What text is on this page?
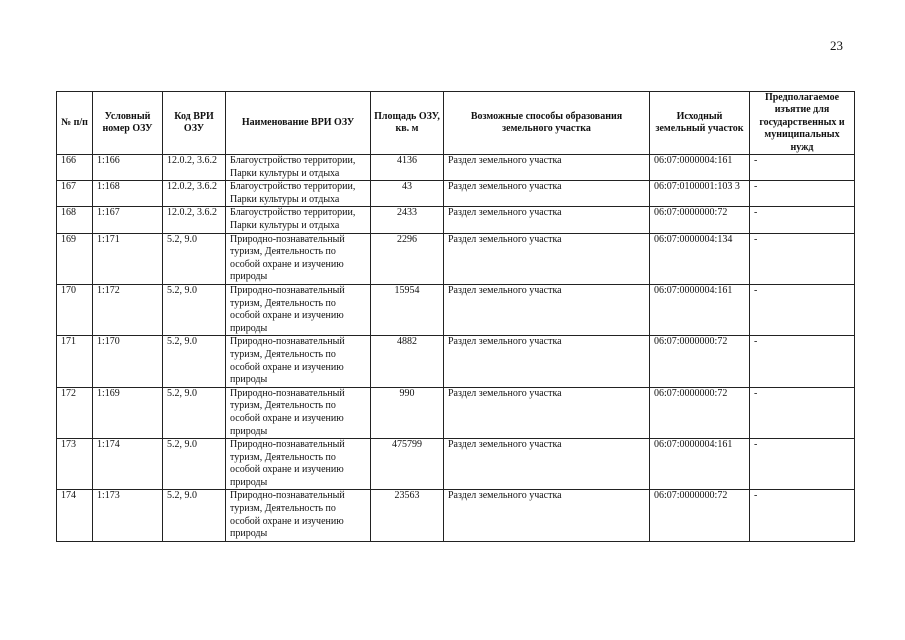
23
№ п/п	Условный номер ОЗУ	Код ВРИ ОЗУ	Наименование ВРИ ОЗУ	Площадь ОЗУ, кв. м	Возможные способы образования земельного участка	Исходный земельный участок	Предполагаемое изъятие для государственных и муниципальных нужд
166	1:166	12.0.2, 3.6.2	Благоустройство территории, Парки культуры и отдыха	4136	Раздел земельного участка	06:07:0000004:161	-
167	1:168	12.0.2, 3.6.2	Благоустройство территории, Парки культуры и отдыха	43	Раздел земельного участка	06:07:0100001:103 3	-
168	1:167	12.0.2, 3.6.2	Благоустройство территории, Парки культуры и отдыха	2433	Раздел земельного участка	06:07:0000000:72	-
169	1:171	5.2, 9.0	Природно-познавательный туризм, Деятельность по особой охране и изучению природы	2296	Раздел земельного участка	06:07:0000004:134	-
170	1:172	5.2, 9.0	Природно-познавательный туризм, Деятельность по особой охране и изучению природы	15954	Раздел земельного участка	06:07:0000004:161	-
171	1:170	5.2, 9.0	Природно-познавательный туризм, Деятельность по особой охране и изучению природы	4882	Раздел земельного участка	06:07:0000000:72	-
172	1:169	5.2, 9.0	Природно-познавательный туризм, Деятельность по особой охране и изучению природы	990	Раздел земельного участка	06:07:0000000:72	-
173	1:174	5.2, 9.0	Природно-познавательный туризм, Деятельность по особой охране и изучению природы	475799	Раздел земельного участка	06:07:0000004:161	-
174	1:173	5.2, 9.0	Природно-познавательный туризм, Деятельность по особой охране и изучению природы	23563	Раздел земельного участка	06:07:0000000:72	-
